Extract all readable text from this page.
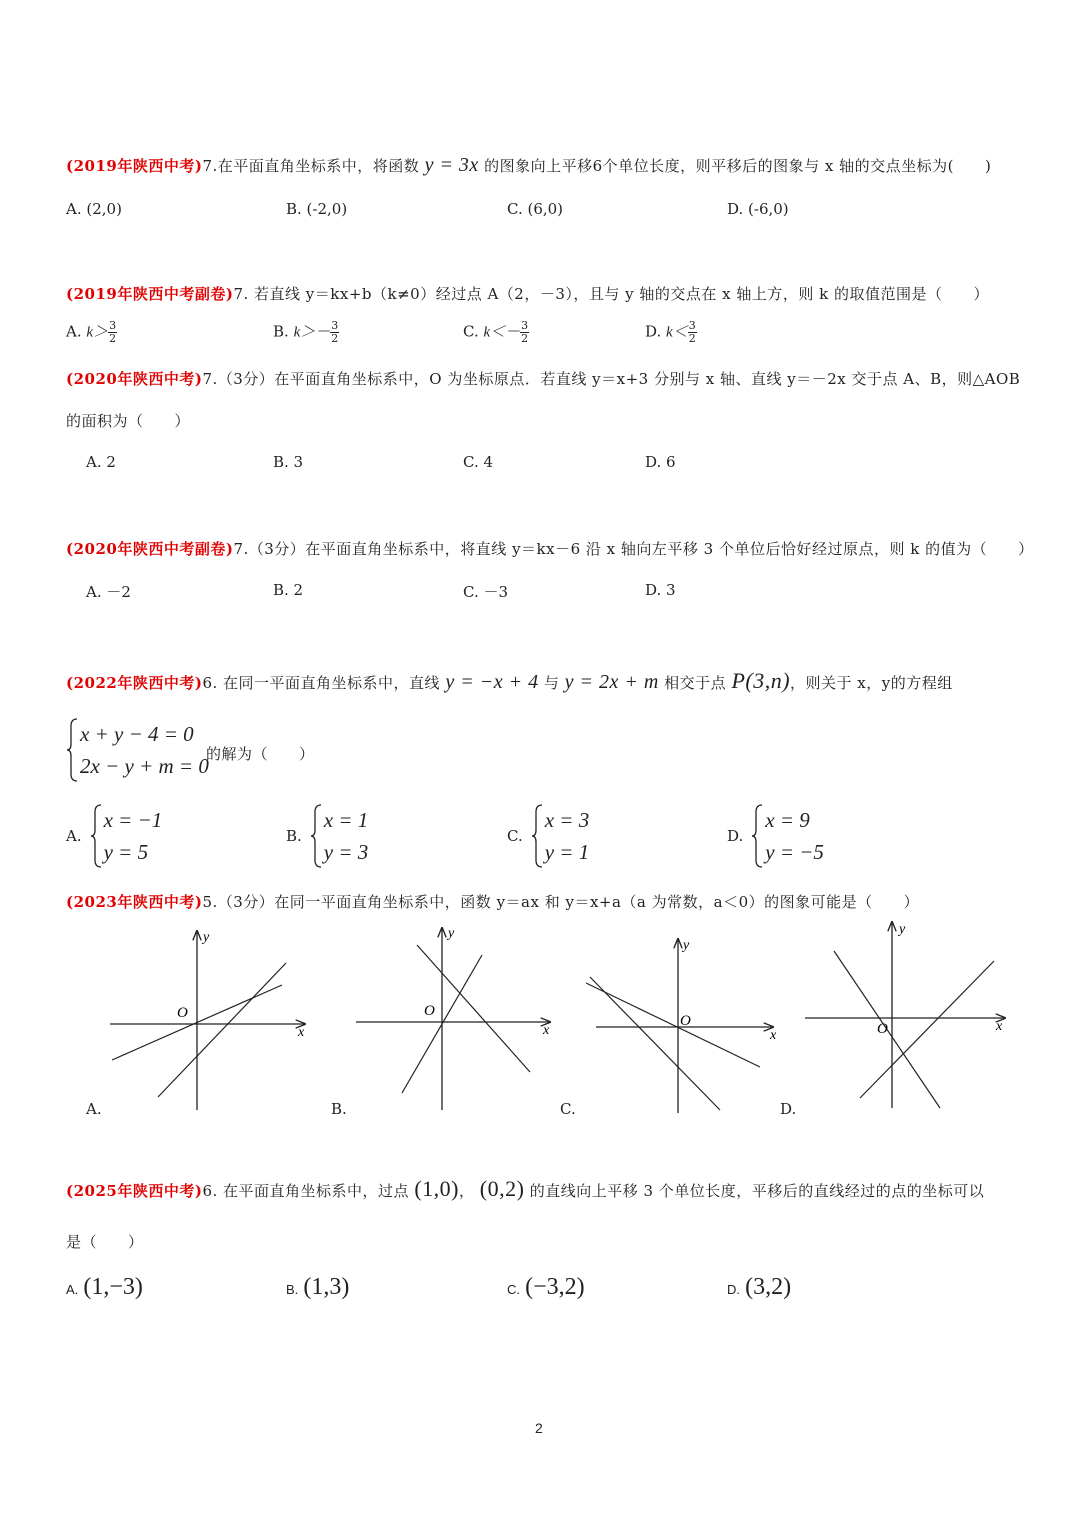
(2019年陕西中考)7.在平面直角坐标系中，将函数 y = 3x 的图象向上平移6个单位长度，则平移后的图象与 x 轴的交点坐标为(　　)
A. (2,0)	B. (-2,0)	C. (6,0)	D. (-6,0)
(2019年陕西中考副卷)7. 若直线 y＝kx+b（k≠0）经过点 A（2，－3），且与 y 轴的交点在 x 轴上方，则 k 的取值范围是（　　）
A. $k> \frac{3}{2}$	B. $k>- \frac{3}{2}$	C. $k<- \frac{3}{2}$	D. $k< \frac{3}{2}$
(2020年陕西中考)7.（3分）在平面直角坐标系中，O 为坐标原点．若直线 y＝x+3 分别与 x 轴、直线 y＝－2x 交于点 A、B，则△AOB
的面积为（　　）
A. 2	B. 3	C. 4	D. 6
(2020年陕西中考副卷)7.（3分）在平面直角坐标系中，将直线 y＝kx－6 沿 x 轴向左平移 3 个单位后恰好经过原点，则 k 的值为（　　）
A. －2	B. 2	C. －3	D. 3
(2022年陕西中考)6. 在同一平面直角坐标系中，直线 y = −x + 4 与 y = 2x + m 相交于点 P(3,n)，则关于 x，y的方程组
x + y − 4 = 0
2x − y + m = 0
的解为（　　）
A.
x = −1
y = 5
B.
x = 1
y = 3
C.
x = 3
y = 1
D.
x = 9
y = −5
(2023年陕西中考)5.（3分）在同一平面直角坐标系中，函数 y＝ax 和 y＝x+a（a 为常数，a＜0）的图象可能是（　　）
x
y
O
A.
x
y
O
B.
x
y
O
C.
x
y
O
D.
(2025年陕西中考)6. 在平面直角坐标系中，过点 (1,0)， (0,2) 的直线向上平移 3 个单位长度，平移后的直线经过的点的坐标可以
是（　　）
A. (1,−3)	B. (1,3)	C. (−3,2)	D. (3,2)
2
